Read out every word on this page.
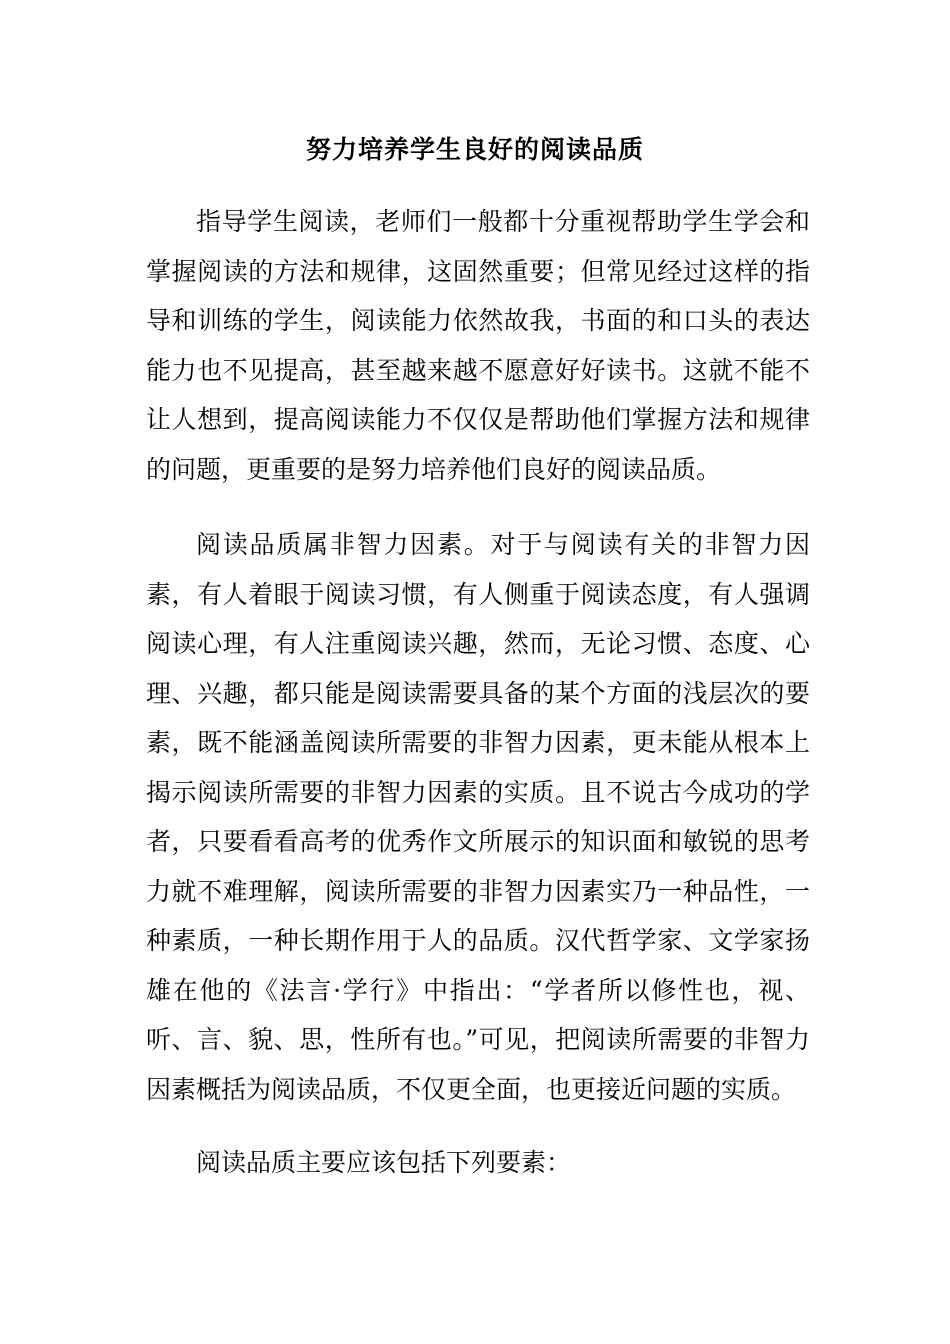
努力培养学生良好的阅读品质

指导学生阅读，老师们一般都十分重视帮助学生学会和掌握阅读的方法和规律，这固然重要；但常见经过这样的指导和训练的学生，阅读能力依然故我，书面的和口头的表达能力也不见提高，甚至越来越不愿意好好读书。这就不能不让人想到，提高阅读能力不仅仅是帮助他们掌握方法和规律的问题，更重要的是努力培养他们良好的阅读品质。

阅读品质属非智力因素。对于与阅读有关的非智力因素，有人着眼于阅读习惯，有人侧重于阅读态度，有人强调阅读心理，有人注重阅读兴趣，然而，无论习惯、态度、心理、兴趣，都只能是阅读需要具备的某个方面的浅层次的要素，既不能涵盖阅读所需要的非智力因素，更未能从根本上揭示阅读所需要的非智力因素的实质。且不说古今成功的学者，只要看看高考的优秀作文所展示的知识面和敏锐的思考力就不难理解，阅读所需要的非智力因素实乃一种品性，一种素质，一种长期作用于人的品质。汉代哲学家、文学家扬雄在他的《法言·学行》中指出：“学者所以修性也，视、听、言、貌、思，性所有也。”可见，把阅读所需要的非智力因素概括为阅读品质，不仅更全面，也更接近问题的实质。

阅读品质主要应该包括下列要素：
